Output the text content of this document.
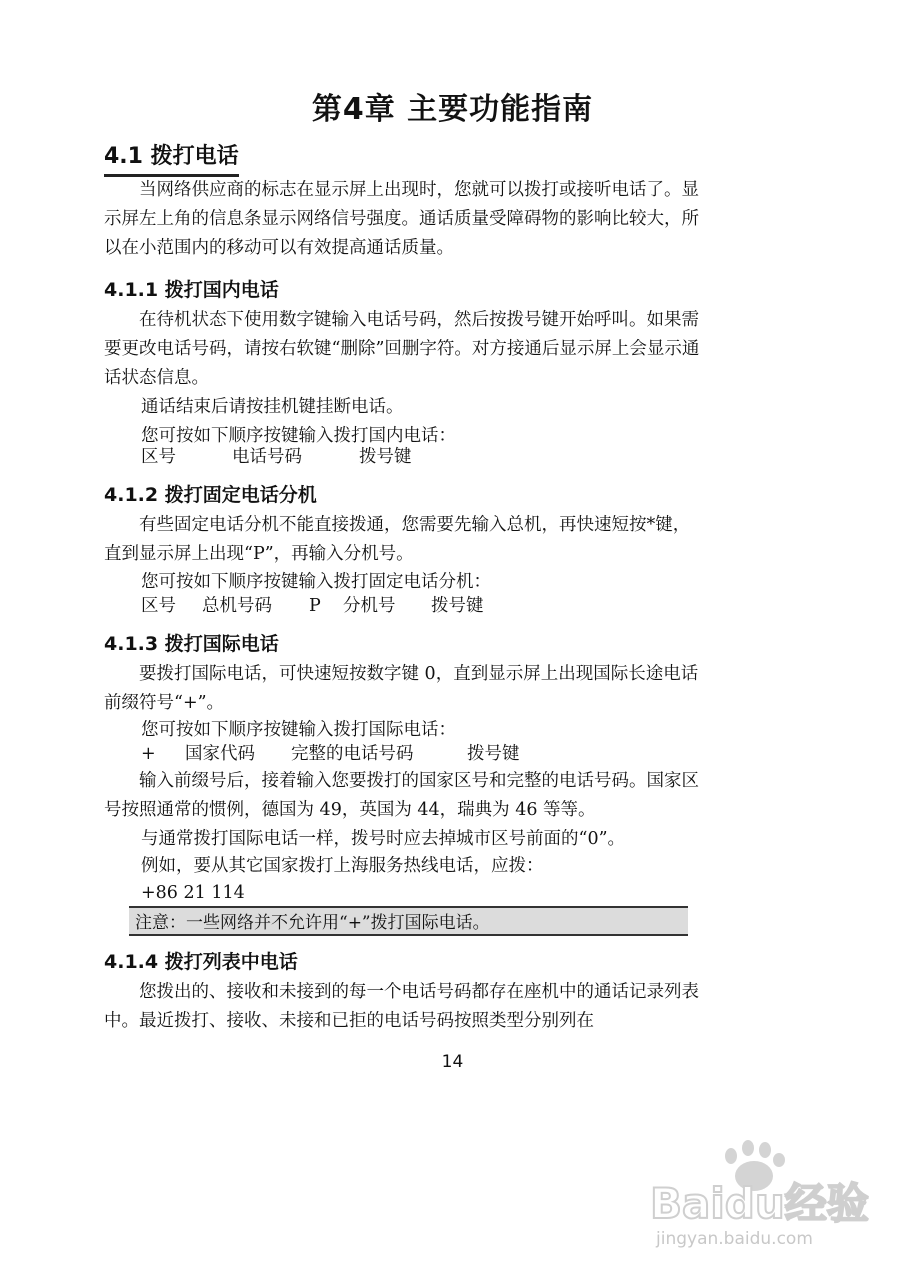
第4章 主要功能指南
4.1 拨打电话

当网络供应商的标志在显示屏上出现时，您就可以拨打或接听电话了。显示屏左上角的信息条显示网络信号强度。通话质量受障碍物的影响比较大，所以在小范围内的移动可以有效提高通话质量。

4.1.1 拨打国内电话

在待机状态下使用数字键输入电话号码，然后按拨号键开始呼叫。如果需要更改电话号码，请按右软键“删除”回删字符。对方接通后显示屏上会显示通话状态信息。

通话结束后请按挂机键挂断电话。
您可按如下顺序按键输入拨打国内电话：
区号	电话号码	拨号键
4.1.2 拨打固定电话分机

有些固定电话分机不能直接拨通，您需要先输入总机，再快速短按*键，直到显示屏上出现“P”，再输入分机号。

您可按如下顺序按键输入拨打固定电话分机：
区号 总机号码 P 分机号 拨号键
4.1.3 拨打国际电话

要拨打国际电话，可快速短按数字键 0，直到显示屏上出现国际长途电话前缀符号“+”。

您可按如下顺序按键输入拨打国际电话：
+ 国家代码 完整的电话号码	拨号键

输入前缀号后，接着输入您要拨打的国家区号和完整的电话号码。国家区号按照通常的惯例，德国为 49，英国为 44，瑞典为 46 等等。

与通常拨打国际电话一样，拨号时应去掉城市区号前面的“0”。
例如，要从其它国家拨打上海服务热线电话，应拨：
+86 21 114
注意：一些网络并不允许用“+”拨打国际电话。
4.1.4 拨打列表中电话

您拨出的、接收和未接到的每一个电话号码都存在座机中的通话记录列表中。最近拨打、接收、未接和已拒的电话号码按照类型分别列在

14
Baidu经验
jingyan.baidu.com
